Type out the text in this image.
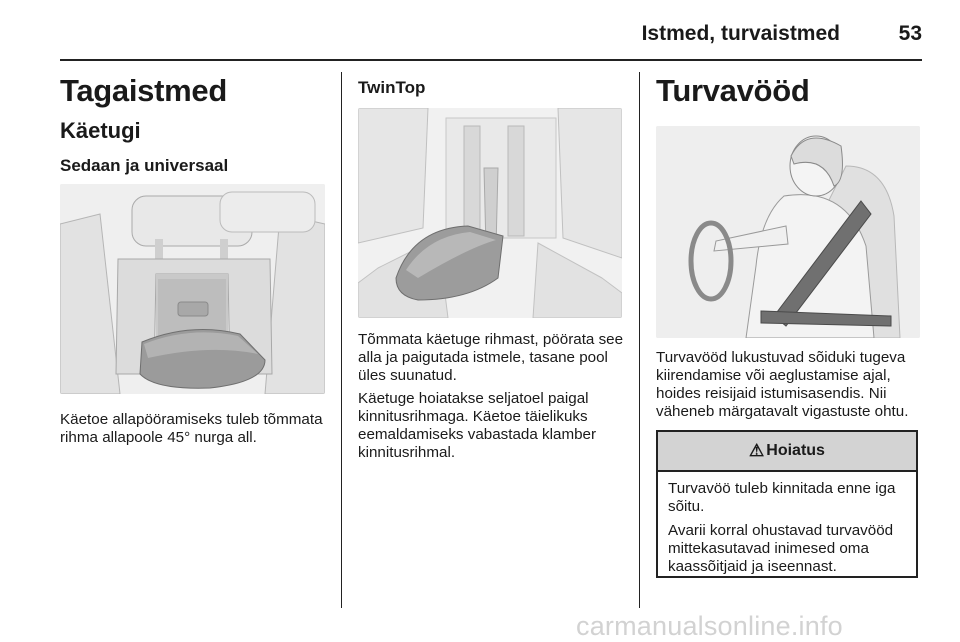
Istmed, turvaistmed	53
Tagaistmed
Käetugi
Sedaan ja universaal
Käetoe allapööramiseks tuleb tõmmata rihma allapoole 45° nurga all.
TwinTop

Tõmmata käetuge rihmast, pöörata see alla ja paigutada istmele, tasane pool üles suunatud.

Käetuge hoiatakse seljatoel paigal kinnitusrihmaga. Käetoe täielikuks eemaldamiseks vabastada klamber kinnitusrihmal.

Turvavööd
Turvavööd lukustuvad sõiduki tugeva kiirendamise või aeglustamise ajal, hoides reisijaid istumisasendis. Nii väheneb märgatavalt vigastuste ohtu.
⚠ Hoiatus

Turvavöö tuleb kinnitada enne iga sõitu.

Avarii korral ohustavad turvavööd mittekasutavad inimesed oma kaassõitjaid ja iseennast.

carmanualsonline.info
